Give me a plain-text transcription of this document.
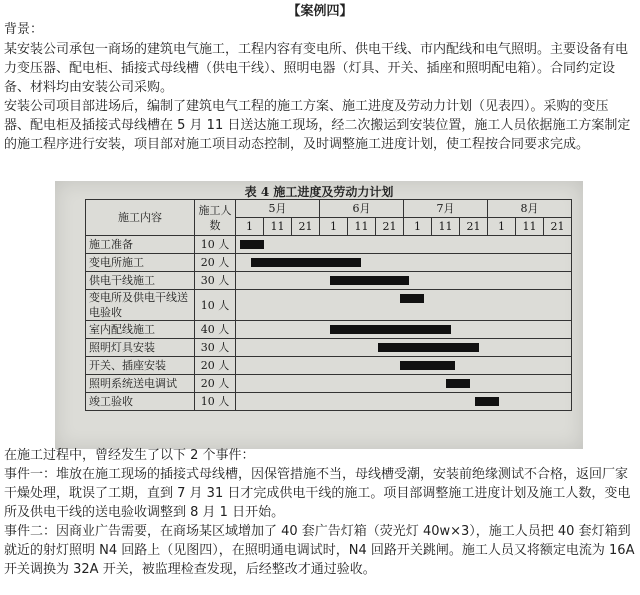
【案例四】

背景：

某安装公司承包一商场的建筑电气施工，工程内容有变电所、供电干线、市内配线和电气照明。主要设备有电力变压器、配电柜、插接式母线槽（供电干线）、照明电器（灯具、开关、插座和照明配电箱）。合同约定设备、材料均由安装公司采购。

安装公司项目部进场后，编制了建筑电气工程的施工方案、施工进度及劳动力计划（见表四）。采购的变压器、配电柜及插接式母线槽在 5 月 11 日送达施工现场，经二次搬运到安装位置，施工人员依据施工方案制定的施工程序进行安装，项目部对施工项目动态控制，及时调整施工进度计划，使工程按合同要求完成。

表 4 施工进度及劳动力计划
施工内容	施工人数	5月			6月			7月			8月		
		1	11	21	1	11	21	1	11	21	1	11	21
施工准备	10 人												

变电所施工	20 人												

供电干线施工	30 人												

变电所及供电干线送电验收	10 人												

室内配线施工	40 人												

照明灯具安装	30 人												

开关、插座安装	20 人												

照明系统送电调试	20 人												

竣工验收	10 人												

在施工过程中，曾经发生了以下 2 个事件：

事件一：堆放在施工现场的插接式母线槽，因保管措施不当，母线槽受潮，安装前绝缘测试不合格，返回厂家干燥处理，耽误了工期，直到 7 月 31 日才完成供电干线的施工。项目部调整施工进度计划及施工人数，变电所及供电干线的送电验收调整到 8 月 1 日开始。

事件二：因商业广告需要，在商场某区域增加了 40 套广告灯箱（荧光灯 40w×3），施工人员把 40 套灯箱到就近的射灯照明 N4 回路上（见图四），在照明通电调试时，N4 回路开关跳闸。施工人员又将额定电流为 16A 开关调换为 32A 开关，被监理检查发现，后经整改才通过验收。
